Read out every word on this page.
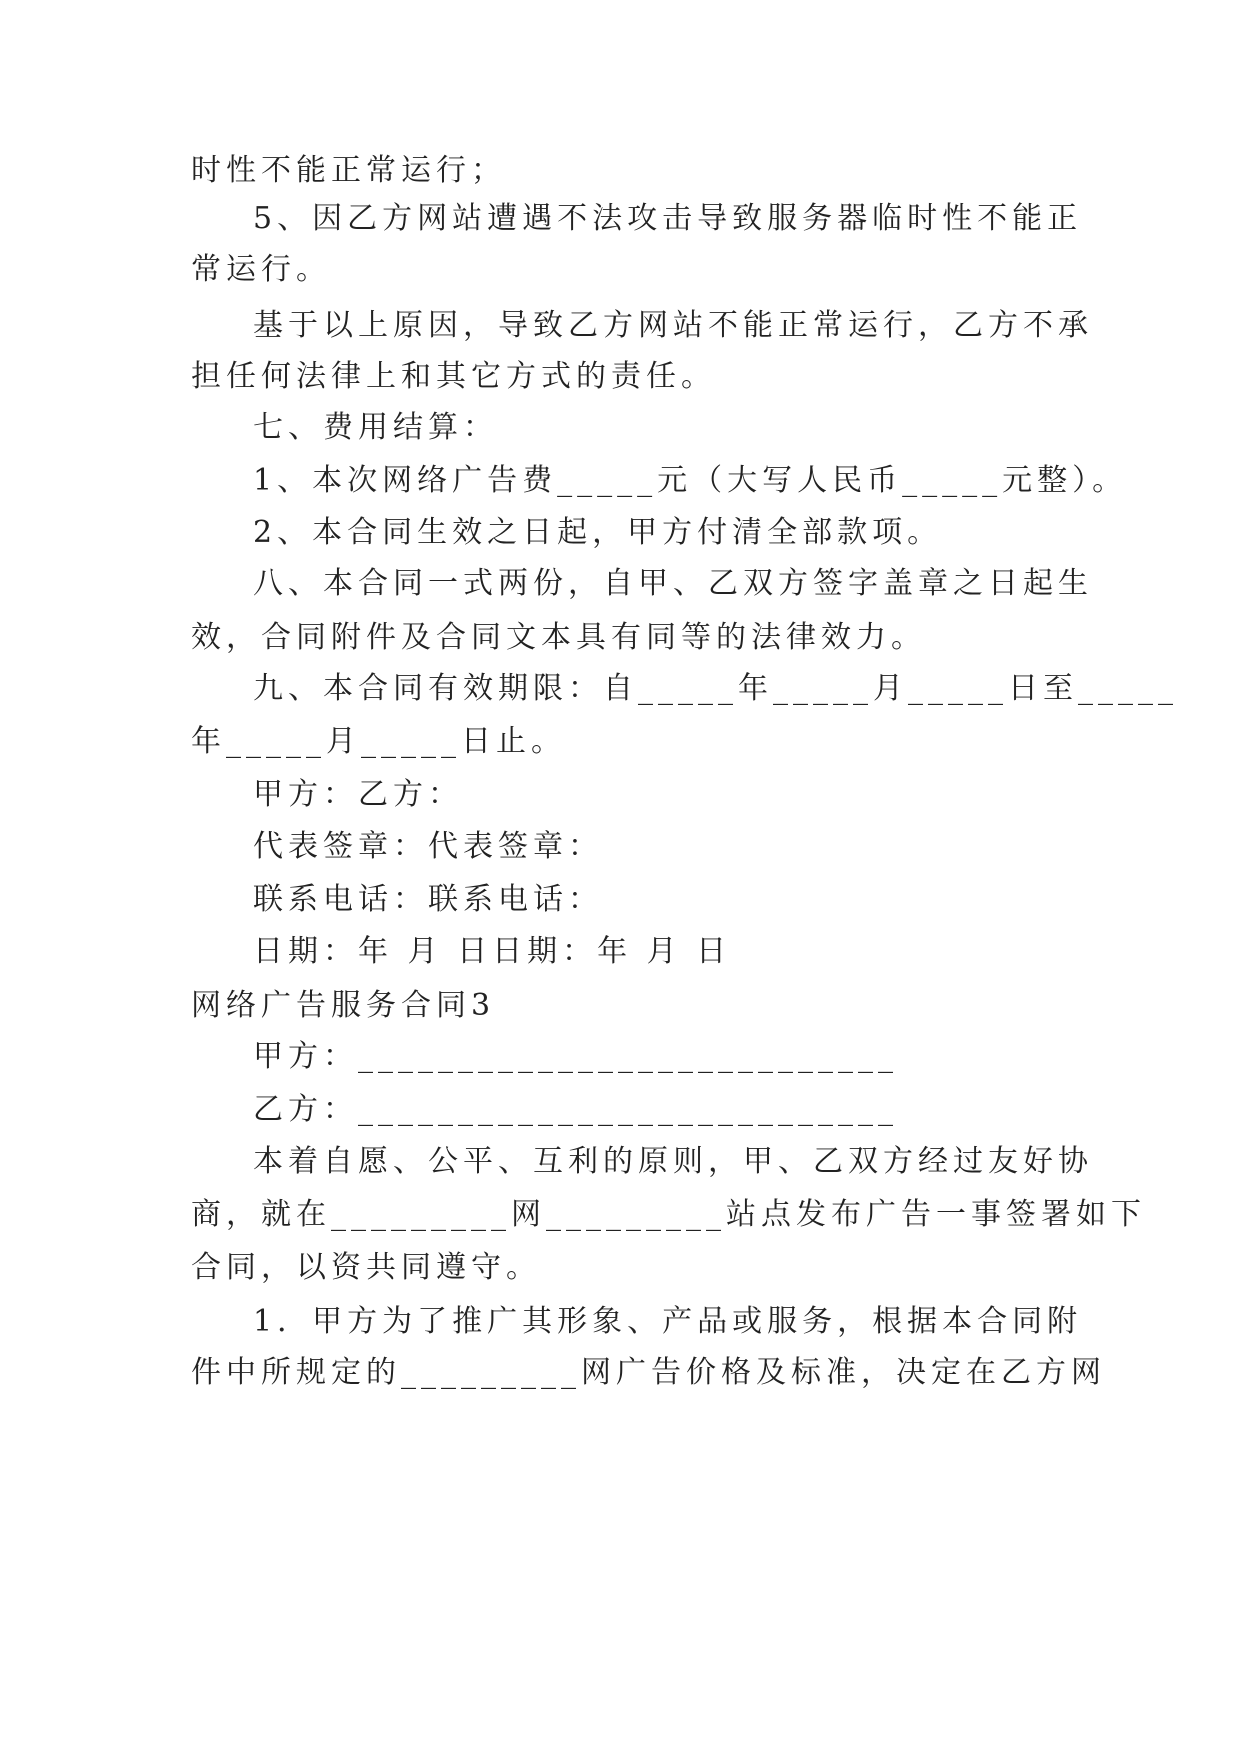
时性不能正常运行；
5、因乙方网站遭遇不法攻击导致服务器临时性不能正
常运行。
基于以上原因，导致乙方网站不能正常运行，乙方不承
担任何法律上和其它方式的责任。
七、费用结算：
1、本次网络广告费_____元（大写人民币_____元整）。
2、本合同生效之日起，甲方付清全部款项。
八、本合同一式两份，自甲、乙双方签字盖章之日起生
效，合同附件及合同文本具有同等的法律效力。
九、本合同有效期限：自_____年_____月_____日至_____
年_____月_____日止。
甲方：乙方：
代表签章：代表签章：
联系电话：联系电话：
日期：年 月 日日期：年 月 日
网络广告服务合同3
甲方：___________________________
乙方：___________________________
本着自愿、公平、互利的原则，甲、乙双方经过友好协
商，就在_________网_________站点发布广告一事签署如下
合同，以资共同遵守。
1．甲方为了推广其形象、产品或服务，根据本合同附
件中所规定的_________网广告价格及标准，决定在乙方网
